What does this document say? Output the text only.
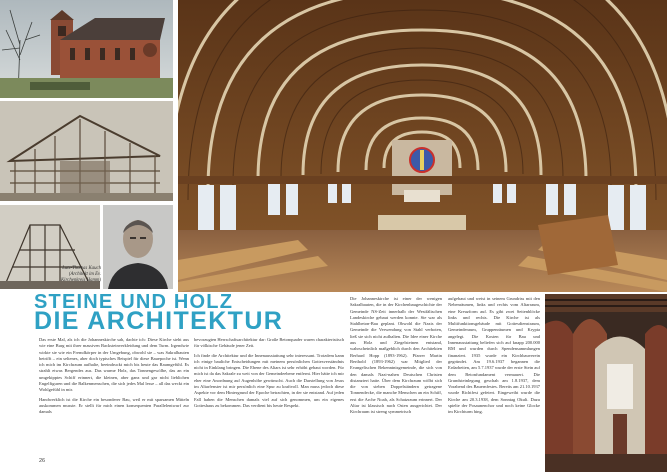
Lutz-Thomas Kauch (Architekt im Ev. Kirchenkreis Hamm)
STEINE UND HOLZ
DIE ARCHITEKTUR

Das erste Mal, als ich die Johanneskirche sah, dachte ich: Diese Kirche sieht aus wie eine Burg mit ihrer massiven Backsteinverkleidung und dem Turm. Irgendwie wirkte sie wie ein Fremdkörper in der Umgebung, obwohl sie – was Sakralbauten betrifft – ein seltenes, aber doch typisches Beispiel für diese Bauepoche ist. Wenn ich mich im Kirchraum aufhalte, beeindruckt mich bis heute das Raumgefühl. Es strahlt etwas Bergendes aus. Das warme Holz, das Tonnengewölbe, das an ein umgekipptes Schiff erinnert, die kleinen, aber ganz und gar nicht lieblichen Engelfiguren und die Balkenmenschen, die sich jedes Mal lesse – all das weckt ein Wohlgefühl in mir.

Handwerklich ist die Kirche ein besonderer Bau, weil er mit sparsamen Mitteln auskommen musste. Er stellt für mich einen konsequenten Parallelentwurf zur damals

bevorzugten Herrschaftsarchitektur dar: Große Betonquader waren charakteristisch für völkische Gebäude jener Zeit.

Ich finde die Architektur und die Innenausstattung sehr interessant. Trotzdem kann ich einige bauliche Entscheidungen mit meinem persönlichen Gottesverständnis nicht in Einklang bringen. Die Ebene des Altars ist sehr erhöht gebaut worden. Für mich ist da das Sakrale zu weit von der Gemeindeebene entfernt. Hier hätte ich mir eher eine Anordnung auf Augenhöhe gewünscht. Auch die Darstellung von Jesus im Altarfenster ist mir persönlich eine Spur zu kraftvoll. Man muss jedoch diese Aspekte vor dem Hintergrund der Epoche betrachten, in der sie entstand. Auf jeden Fall haben die Menschen damals viel auf sich genommen, um ein eigenes Gotteshaus zu bekommen. Das verdient bis heute Respekt.

Die Johanneskirche ist einer der wenigen Sakralbauten, die in der Kirchenbaugeschichte der Gemeinde NS-Zeit innerhalb der Westfälischen Landeskirche gebaut werden konnte. Sie war als Stahlbeton-Bau geplant. Obwohl die Nazis der Gemeinde die Verwendung von Stahl verboten, ließ sie sich nicht aufhalten. Die Idee einer Kirche aus Holz und Ziegelsteinen entstand, wahrscheinlich maßgeblich durch den Architekten Berhard Hopp (1893-1962). Pfarrer Martin Berthold (1893-1962) war Mitglied der Evangelischen Bekenntnisgemeinde, die sich von den damals Nazi-nahen Deutschen Christen distanziert hatte. Über dem Kirchraum wölbt sich die von sieben Doppelständern getragene Tonnendecke, die manche Menschen an ein Schiff, erst die Arche Noah, als Schatzraum erinnert. Der Altar ist klassisch nach Osten ausgerichtet. Der Kirchraum ist streng symmetrisch

aufgebaut und weist in seinem Grundriss mit den Nebenräumen, links und rechts vom Altarraum, eine Kreuzform auf. Es gibt zwei Seitenblöcke links und rechts. Die Kirche ist als Multifunktionsgebäude mit Gottesdienstraum, Gemeinderaum, Gruppenräumen und Krypta angelegt. Die Kosten für Bau und Innenausstattung beliefen sich auf knapp 200.000 RM und wurden durch Spendensammlungen finanziert. 1935 wurde ein Kirchbauverein gegründet. Am 19.6.1937 begannen die Erdarbeiten, am 5.7.1937 wurde der erste Stein auf dem Betonfundament vermauert. Die Grundsteinlegung geschah am 1.8.1937, dem Vorabend des Bauernfestes. Bereits am 21.10.1937 wurde Richtfest gefeiert. Eingeweiht wurde die Kirche am 20.3.1938, dem Sonntag Okuli. Dazu spielte der Posaunenchor und noch keine Glocke im Kirchturm hing.

26
